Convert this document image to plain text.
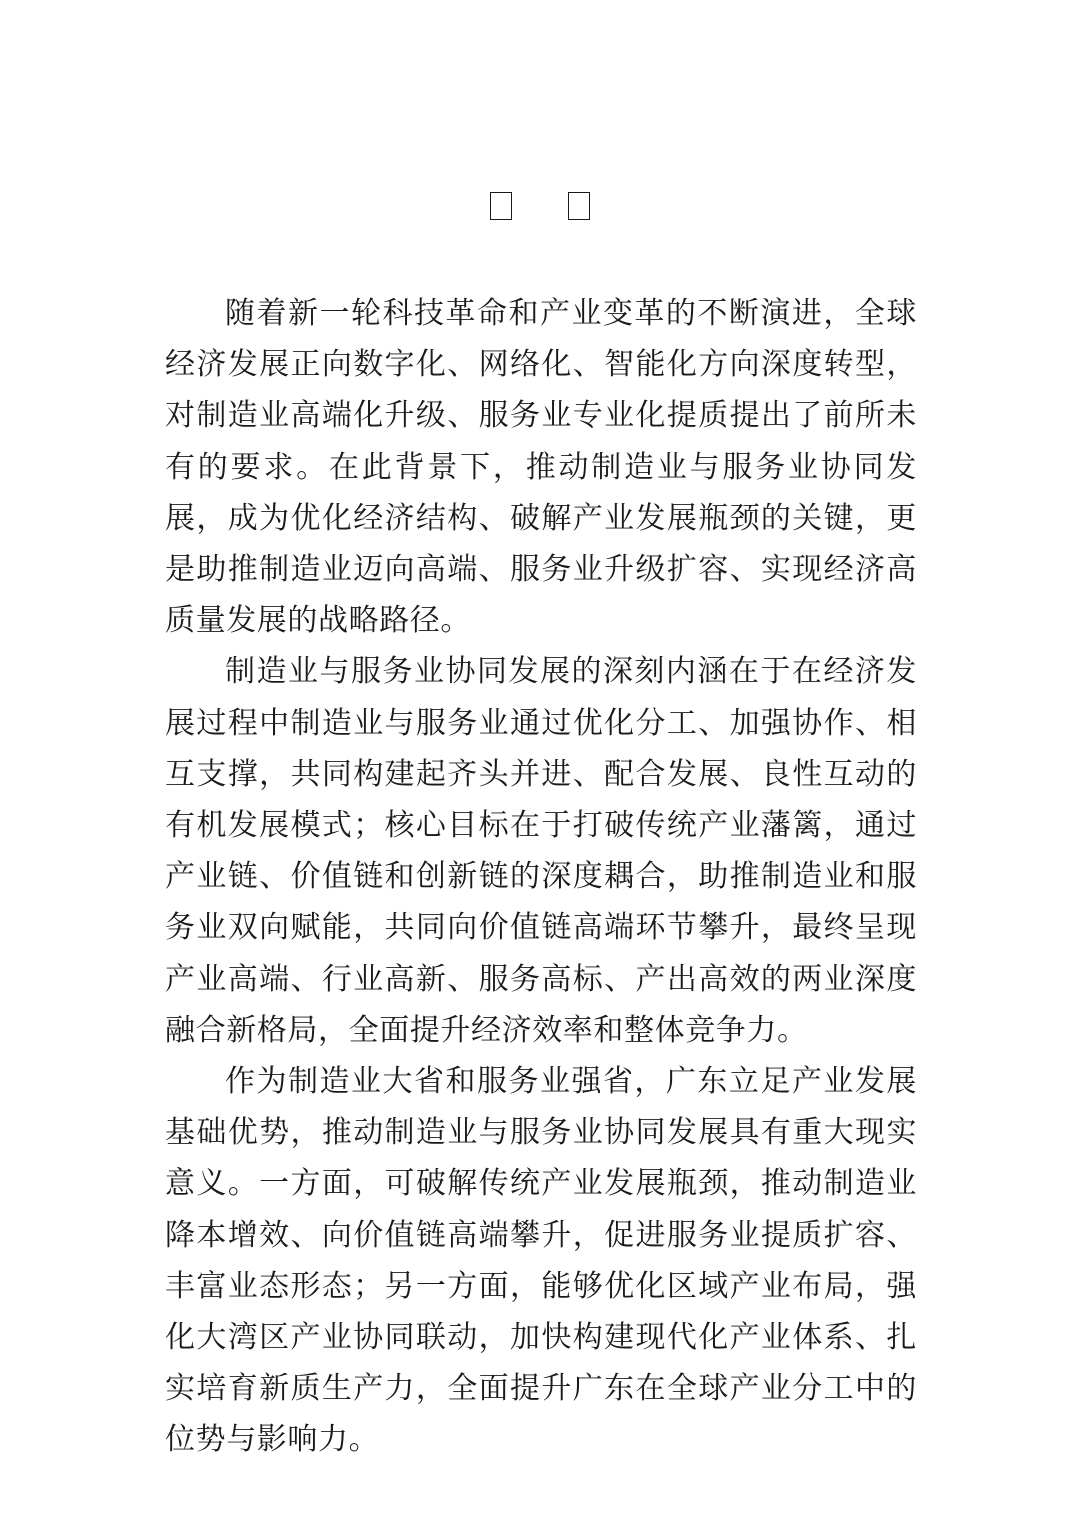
随着新一轮科技革命和产业变革的不断演进，全球经济发展正向数字化、网络化、智能化方向深度转型，对制造业高端化升级、服务业专业化提质提出了前所未有的要求。在此背景下，推动制造业与服务业协同发展，成为优化经济结构、破解产业发展瓶颈的关键，更是助推制造业迈向高端、服务业升级扩容、实现经济高质量发展的战略路径。

制造业与服务业协同发展的深刻内涵在于在经济发展过程中制造业与服务业通过优化分工、加强协作、相互支撑，共同构建起齐头并进、配合发展、良性互动的有机发展模式；核心目标在于打破传统产业藩篱，通过产业链、价值链和创新链的深度耦合，助推制造业和服务业双向赋能，共同向价值链高端环节攀升，最终呈现产业高端、行业高新、服务高标、产出高效的两业深度融合新格局，全面提升经济效率和整体竞争力。

作为制造业大省和服务业强省，广东立足产业发展基础优势，推动制造业与服务业协同发展具有重大现实意义。一方面，可破解传统产业发展瓶颈，推动制造业降本增效、向价值链高端攀升，促进服务业提质扩容、丰富业态形态；另一方面，能够优化区域产业布局，强化大湾区产业协同联动，加快构建现代化产业体系、扎实培育新质生产力，全面提升广东在全球产业分工中的位势与影响力。
